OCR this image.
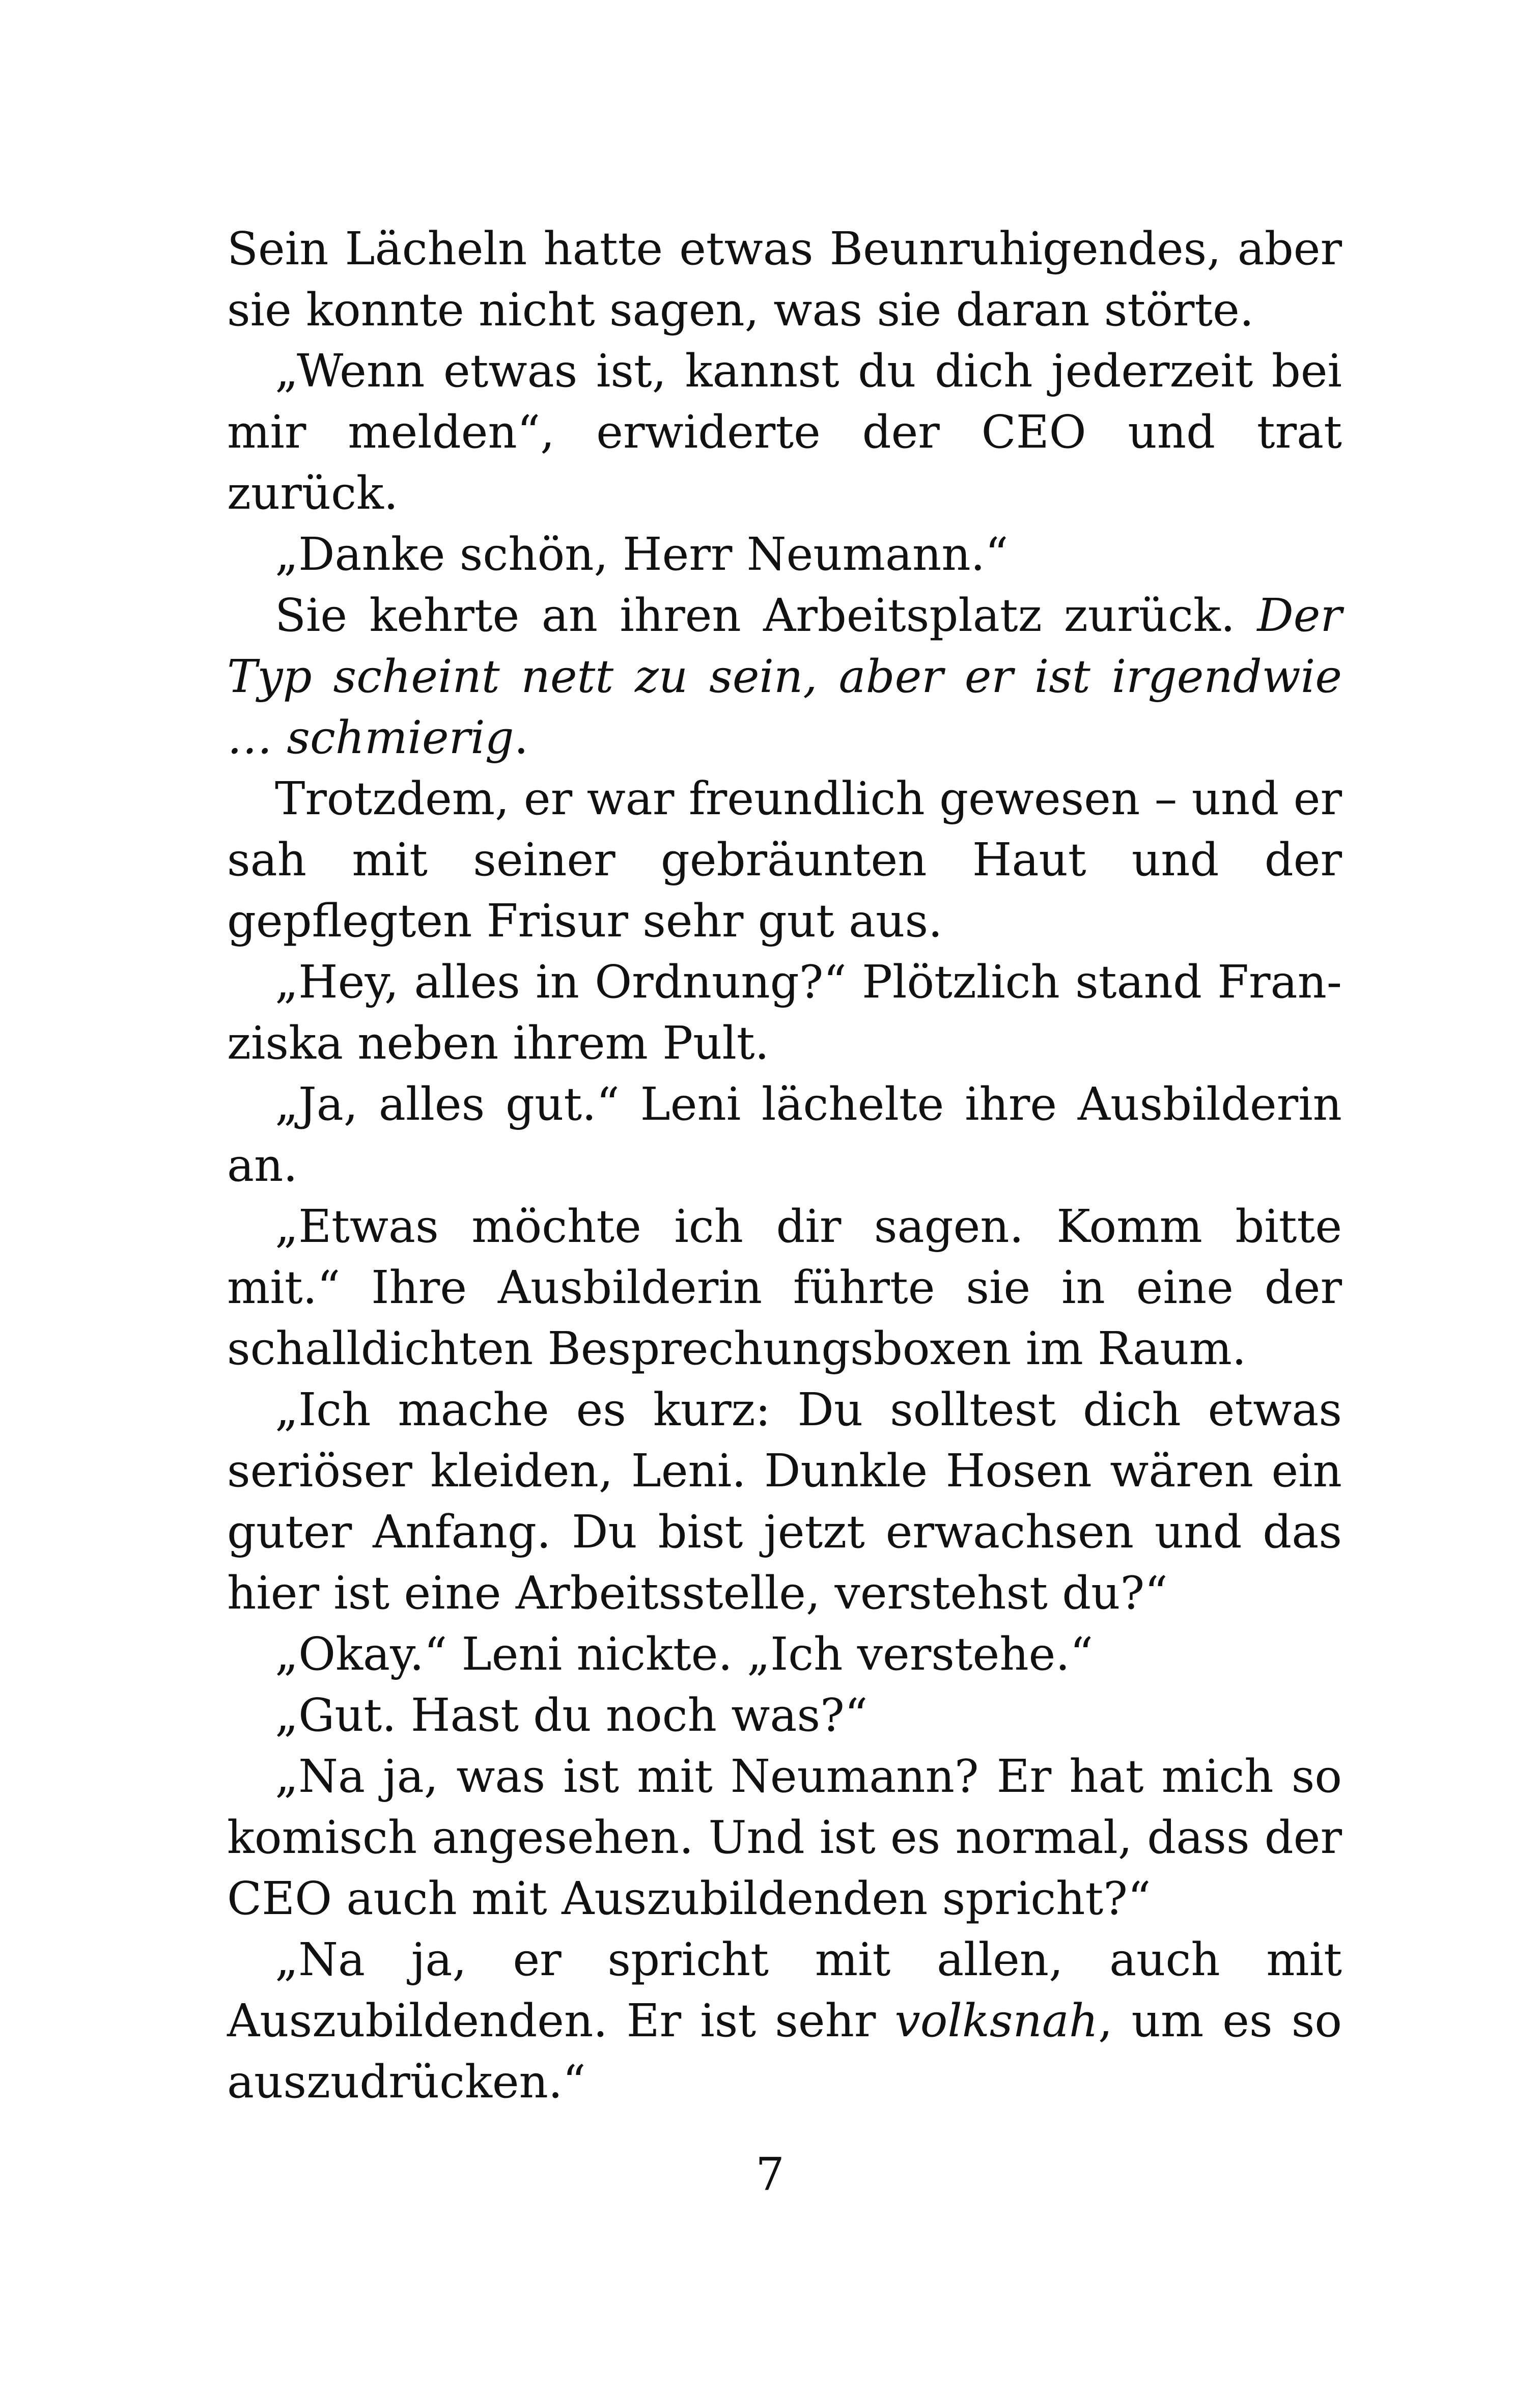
Sein Lächeln hatte etwas Beunruhigendes, aber sie konnte nicht sagen, was sie daran störte.

„Wenn etwas ist, kannst du dich jederzeit bei mir melden“, erwiderte der CEO und trat zurück.

„Danke schön, Herr Neumann.“

Sie kehrte an ihren Arbeitsplatz zurück. Der Typ scheint nett zu sein, aber er ist irgendwie … schmierig.

Trotzdem, er war freundlich gewesen – und er sah mit seiner gebräunten Haut und der gepflegten Frisur sehr gut aus.

„Hey, alles in Ordnung?“ Plötzlich stand Franziska neben ihrem Pult.

„Ja, alles gut.“ Leni lächelte ihre Ausbilderin an.

„Etwas möchte ich dir sagen. Komm bitte mit.“ Ihre Ausbilderin führte sie in eine der schalldichten Besprechungsboxen im Raum.

„Ich mache es kurz: Du solltest dich etwas seriöser kleiden, Leni. Dunkle Hosen wären ein guter Anfang. Du bist jetzt erwachsen und das hier ist eine Arbeitsstelle, verstehst du?“

„Okay.“ Leni nickte. „Ich verstehe.“

„Gut. Hast du noch was?“

„Na ja, was ist mit Neumann? Er hat mich so komisch angesehen. Und ist es normal, dass der CEO auch mit Auszubildenden spricht?“

„Na ja, er spricht mit allen, auch mit Auszubildenden. Er ist sehr volksnah, um es so auszudrücken.“

7
